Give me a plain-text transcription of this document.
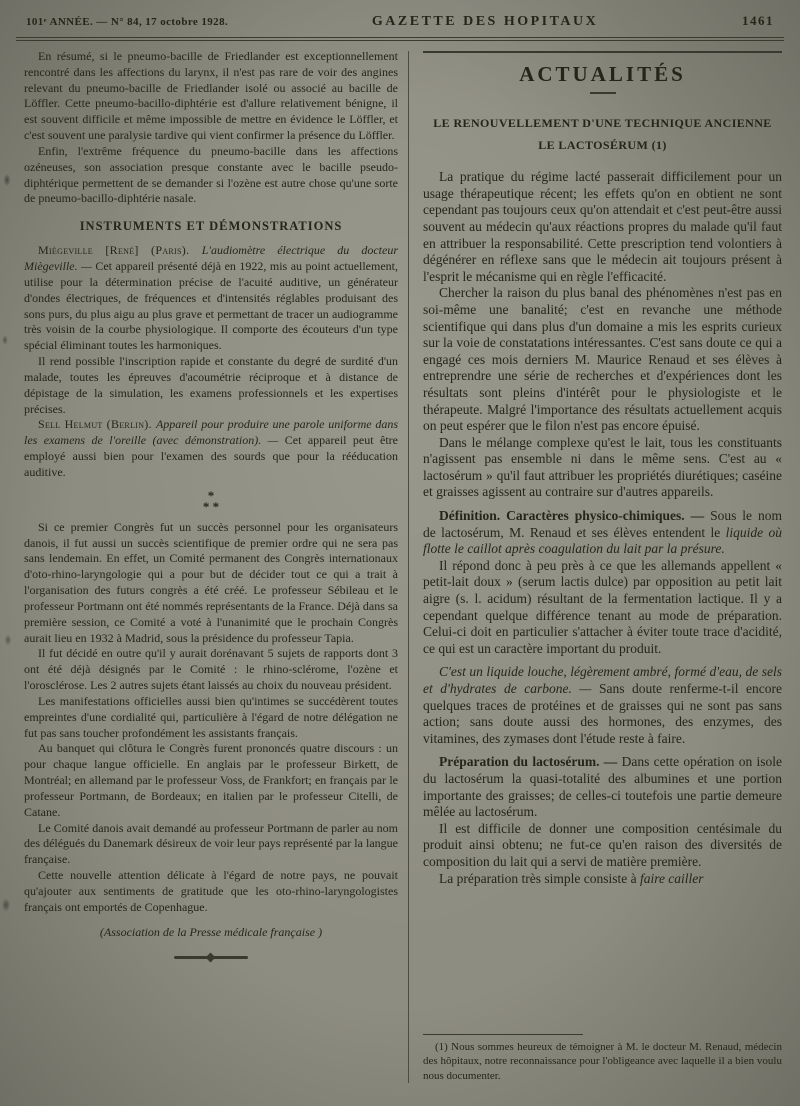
101ᵉ ANNÉE. — N° 84, 17 octobre 1928.	GAZETTE DES HOPITAUX	1461

En résumé, si le pneumo-bacille de Friedlander est exceptionnellement rencontré dans les affections du larynx, il n'est pas rare de voir des angines relevant du pneumo-bacille de Friedlander isolé ou associé au bacille de Löffler. Cette pneumo-bacillo-diphtérie est d'allure relativement bénigne, il est souvent difficile et même impossible de mettre en évidence le Löffler, et c'est souvent une paralysie tardive qui vient confirmer la présence du Löffler.

Enfin, l'extrême fréquence du pneumo-bacille dans les affections ozéneuses, son association presque constante avec le bacille pseudo-diphtérique permettent de se demander si l'ozène est autre chose qu'une sorte de pneumo-bacillo-diphtérie nasale.

INSTRUMENTS ET DÉMONSTRATIONS

Miégeville [René] (Paris). L'audiomètre électrique du docteur Miègeville. — Cet appareil présenté déjà en 1922, mis au point actuellement, utilise pour la détermination précise de l'acuité auditive, un générateur d'ondes électriques, de fréquences et d'intensités réglables produisant des sons purs, du plus aigu au plus grave et permettant de tracer un audiogramme très voisin de la courbe physiologique. Il comporte des écouteurs d'un type spécial éliminant toutes les harmoniques.

Il rend possible l'inscription rapide et constante du degré de surdité d'un malade, toutes les épreuves d'acoumétrie réciproque et à distance de dépistage de la simulation, les examens professionnels et les expertises précises.

Sell Helmut (Berlin). Appareil pour produire une parole uniforme dans les examens de l'oreille (avec démonstration). — Cet appareil peut être employé aussi bien pour l'examen des sourds que pour la rééducation auditive.

*
* *

Si ce premier Congrès fut un succès personnel pour les organisateurs danois, il fut aussi un succès scientifique de premier ordre qui ne sera pas sans lendemain. En effet, un Comité permanent des Congrès internationaux d'oto-rhino-laryngologie qui a pour but de décider tout ce qui a trait à l'organisation des futurs congrès a été créé. Le professeur Sébileau et le professeur Portmann ont été nommés représentants de la France. Déjà dans sa première session, ce Comité a voté à l'unanimité que le prochain Congrès aurait lieu en 1932 à Madrid, sous la présidence du professeur Tapia.

Il fut décidé en outre qu'il y aurait dorénavant 5 sujets de rapports dont 3 ont été déjà désignés par le Comité : le rhino-sclérome, l'ozène et l'orosclérose. Les 2 autres sujets étant laissés au choix du nouveau président.

Les manifestations officielles aussi bien qu'intimes se succédèrent toutes empreintes d'une cordialité qui, particulière à l'égard de notre délégation ne fut pas sans toucher profondément les assistants français.

Au banquet qui clôtura le Congrès furent prononcés quatre discours : un pour chaque langue officielle. En anglais par le professeur Birkett, de Montréal; en allemand par le professeur Voss, de Frankfort; en français par le professeur Portmann, de Bordeaux; en italien par le professeur Citelli, de Catane.

Le Comité danois avait demandé au professeur Portmann de parler au nom des délégués du Danemark désireux de voir leur pays représenté par la langue française.

Cette nouvelle attention délicate à l'égard de notre pays, ne pouvait qu'ajouter aux sentiments de gratitude que les oto-rhino-laryngologistes français ont emportés de Copenhague.

(Association de la Presse médicale française )

ACTUALITÉS
LE RENOUVELLEMENT D'UNE TECHNIQUE ANCIENNE
LE LACTOSÉRUM (1)

La pratique du régime lacté passerait difficilement pour un usage thérapeutique récent; les effets qu'on en obtient ne sont cependant pas toujours ceux qu'on attendait et c'est peut-être aussi souvent au médecin qu'aux réactions propres du malade qu'il faut en attribuer la responsabilité. Cette prescription tend volontiers à dégénérer en réflexe sans que le médecin ait toujours présent à l'esprit le mécanisme qui en règle l'efficacité.

Chercher la raison du plus banal des phénomènes n'est pas en soi-même une banalité; c'est en revanche une méthode scientifique qui dans plus d'un domaine a mis les esprits curieux sur la voie de constatations intéressantes. C'est sans doute ce qui a engagé ces mois derniers M. Maurice Renaud et ses élèves à entreprendre une série de recherches et d'expériences dont les résultats sont pleins d'intérêt pour le physiologiste et le thérapeute. Malgré l'importance des résultats actuellement acquis on peut espérer que le filon n'est pas encore épuisé.

Dans le mélange complexe qu'est le lait, tous les constituants n'agissent pas ensemble ni dans le même sens. C'est au « lactosérum » qu'il faut attribuer les propriétés diurétiques; caséine et graisses agissent au contraire sur d'autres appareils.

Définition. Caractères physico-chimiques. — Sous le nom de lactosérum, M. Renaud et ses élèves entendent le liquide où flotte le caillot après coagulation du lait par la présure.

Il répond donc à peu près à ce que les allemands appellent « petit-lait doux » (serum lactis dulce) par opposition au petit lait aigre (s. l. acidum) résultant de la fermentation lactique. Il y a cependant quelque différence tenant au mode de préparation. Celui-ci doit en particulier s'attacher à éviter toute trace d'acidité, ce qui est un caractère important du produit.

C'est un liquide louche, légèrement ambré, formé d'eau, de sels et d'hydrates de carbone. — Sans doute renferme-t-il encore quelques traces de protéines et de graisses qui ne sont pas sans action; sans doute aussi des hormones, des enzymes, des vitamines, des zymases dont l'étude reste à faire.

Préparation du lactosérum. — Dans cette opération on isole du lactosérum la quasi-totalité des albumines et une portion importante des graisses; de celles-ci toutefois une partie demeure mêlée au lactosérum.

Il est difficile de donner une composition centésimale du produit ainsi obtenu; ne fut-ce qu'en raison des diversités de composition du lait qui a servi de matière première.

La préparation très simple consiste à faire cailler

(1) Nous sommes heureux de témoigner à M. le docteur M. Renaud, médecin des hôpitaux, notre reconnaissance pour l'obligeance avec laquelle il a bien voulu nous documenter.
